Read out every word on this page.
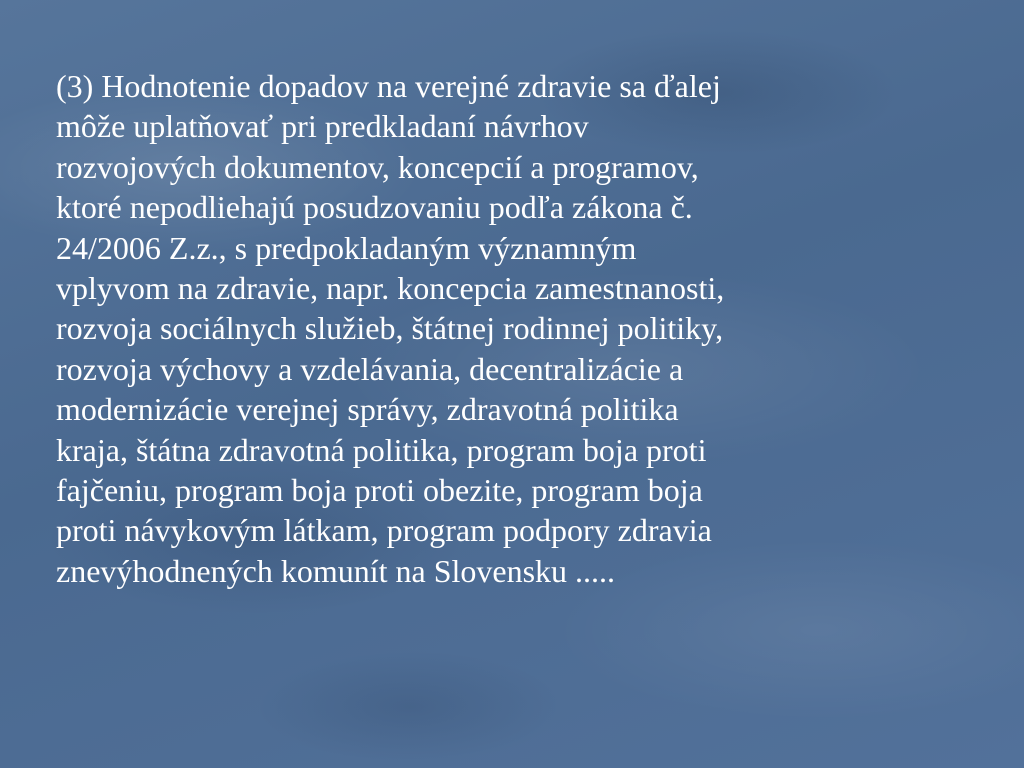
(3) Hodnotenie dopadov na verejné zdravie sa ďalej
môže uplatňovať pri predkladaní návrhov
rozvojových dokumentov, koncepcií a programov,
ktoré nepodliehajú posudzovaniu podľa zákona č.
24/2006 Z.z., s predpokladaným významným
vplyvom na zdravie, napr. koncepcia zamestnanosti,
rozvoja sociálnych služieb, štátnej rodinnej politiky,
rozvoja výchovy a vzdelávania, decentralizácie a
modernizácie verejnej správy, zdravotná politika
kraja, štátna zdravotná politika, program boja proti
fajčeniu, program boja proti obezite, program boja
proti návykovým látkam, program podpory zdravia
znevýhodnených komunít na Slovensku .....
